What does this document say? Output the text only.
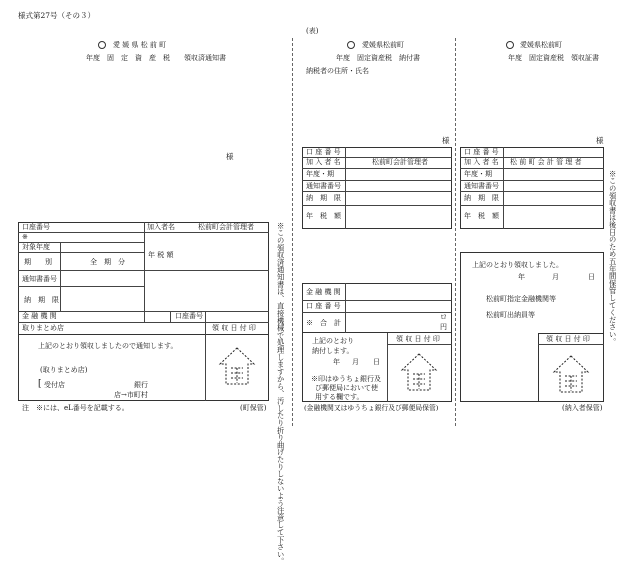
様式第27号（その３）
(表)
愛 媛 県 松 前 町
年度　固　定　資　産　税　　領収済通知書
様
口座番号	加入者名	松前町会計管理者
※
対象年度
期　　別	全　期　分
年 税 額
通知書番号
納　期　限
金 融 機 関	口座番号
取りまとめ店	領 収 日 付 印
上記のとおり領収しましたので通知します。
(取りまとめ店)
[ 受付店	銀行
店→市町村
注　※には、eL番号を記載する。	(町保管) ※この領収済通知書は、直接機械で処理しますから、汚したり折り曲げたりしないよう注意して下さい。
愛媛県松前町
年度　固定資産税　納付書
納税者の住所・氏名
様
口 座 番 号
加 入 者 名	松前町会計管理者
年度・期
通知書番号
納　期　限
年　税　額
金 融 機 関
口 座 番 号
※　合　計
ロ
円
領 収 日 付 印
上記のとおり
納付します。
年 月 日
※印はゆうちょ銀行及
び郵便局において使
用する欄です。
(金融機関又はゆうちょ銀行及び郵便局保管)
愛媛県松前町
年度　固定資産税　領収証書
様
口 座 番 号
加 入 者 名 松 前 町 会 計 管 理 者
年度・期
通知書番号
納　期　限
年　税　額
上記のとおり領収しました。
年	月	日
松前町指定金融機関等
松前町出納員等
領 収 日 付 印
(納入者保管)
※この領収書は後日のため五年間保管してください。
